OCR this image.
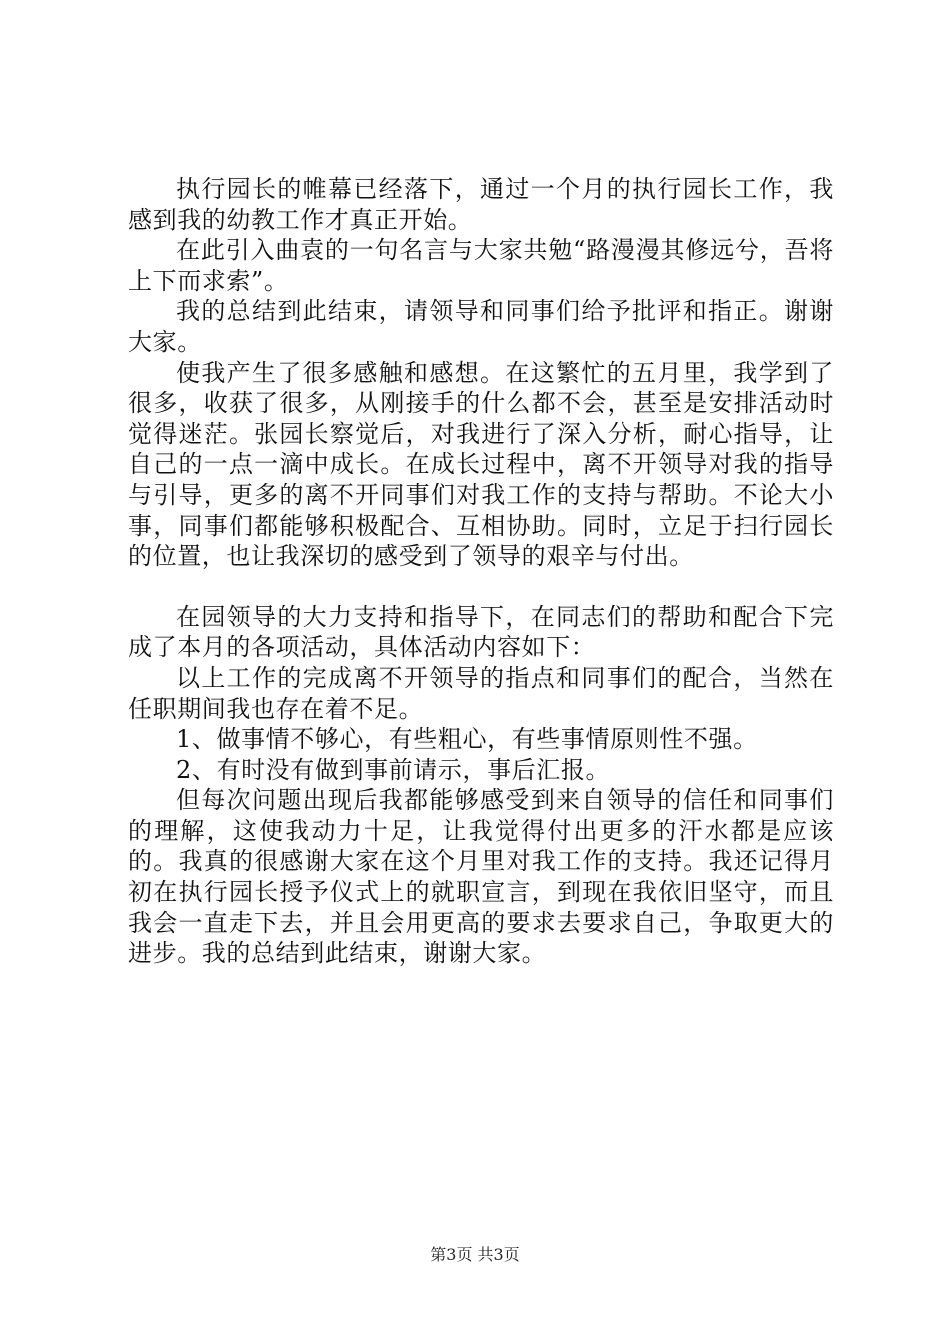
执行园长的帷幕已经落下，通过一个月的执行园长工作，我感到我的幼教工作才真正开始。

在此引入曲袁的一句名言与大家共勉“路漫漫其修远兮，吾将上下而求索”。

我的总结到此结束，请领导和同事们给予批评和指正。谢谢大家。

使我产生了很多感触和感想。在这繁忙的五月里，我学到了很多，收获了很多，从刚接手的什么都不会，甚至是安排活动时觉得迷茫。张园长察觉后，对我进行了深入分析，耐心指导，让自己的一点一滴中成长。在成长过程中，离不开领导对我的指导与引导，更多的离不开同事们对我工作的支持与帮助。不论大小事，同事们都能够积极配合、互相协助。同时，立足于扫行园长的位置，也让我深切的感受到了领导的艰辛与付出。

在园领导的大力支持和指导下，在同志们的帮助和配合下完成了本月的各项活动，具体活动内容如下：

以上工作的完成离不开领导的指点和同事们的配合，当然在任职期间我也存在着不足。

1、做事情不够心，有些粗心，有些事情原则性不强。

2、有时没有做到事前请示，事后汇报。

但每次问题出现后我都能够感受到来自领导的信任和同事们的理解，这使我动力十足，让我觉得付出更多的汗水都是应该的。我真的很感谢大家在这个月里对我工作的支持。我还记得月初在执行园长授予仪式上的就职宣言，到现在我依旧坚守，而且我会一直走下去，并且会用更高的要求去要求自己，争取更大的进步。我的总结到此结束，谢谢大家。

第3页 共3页
